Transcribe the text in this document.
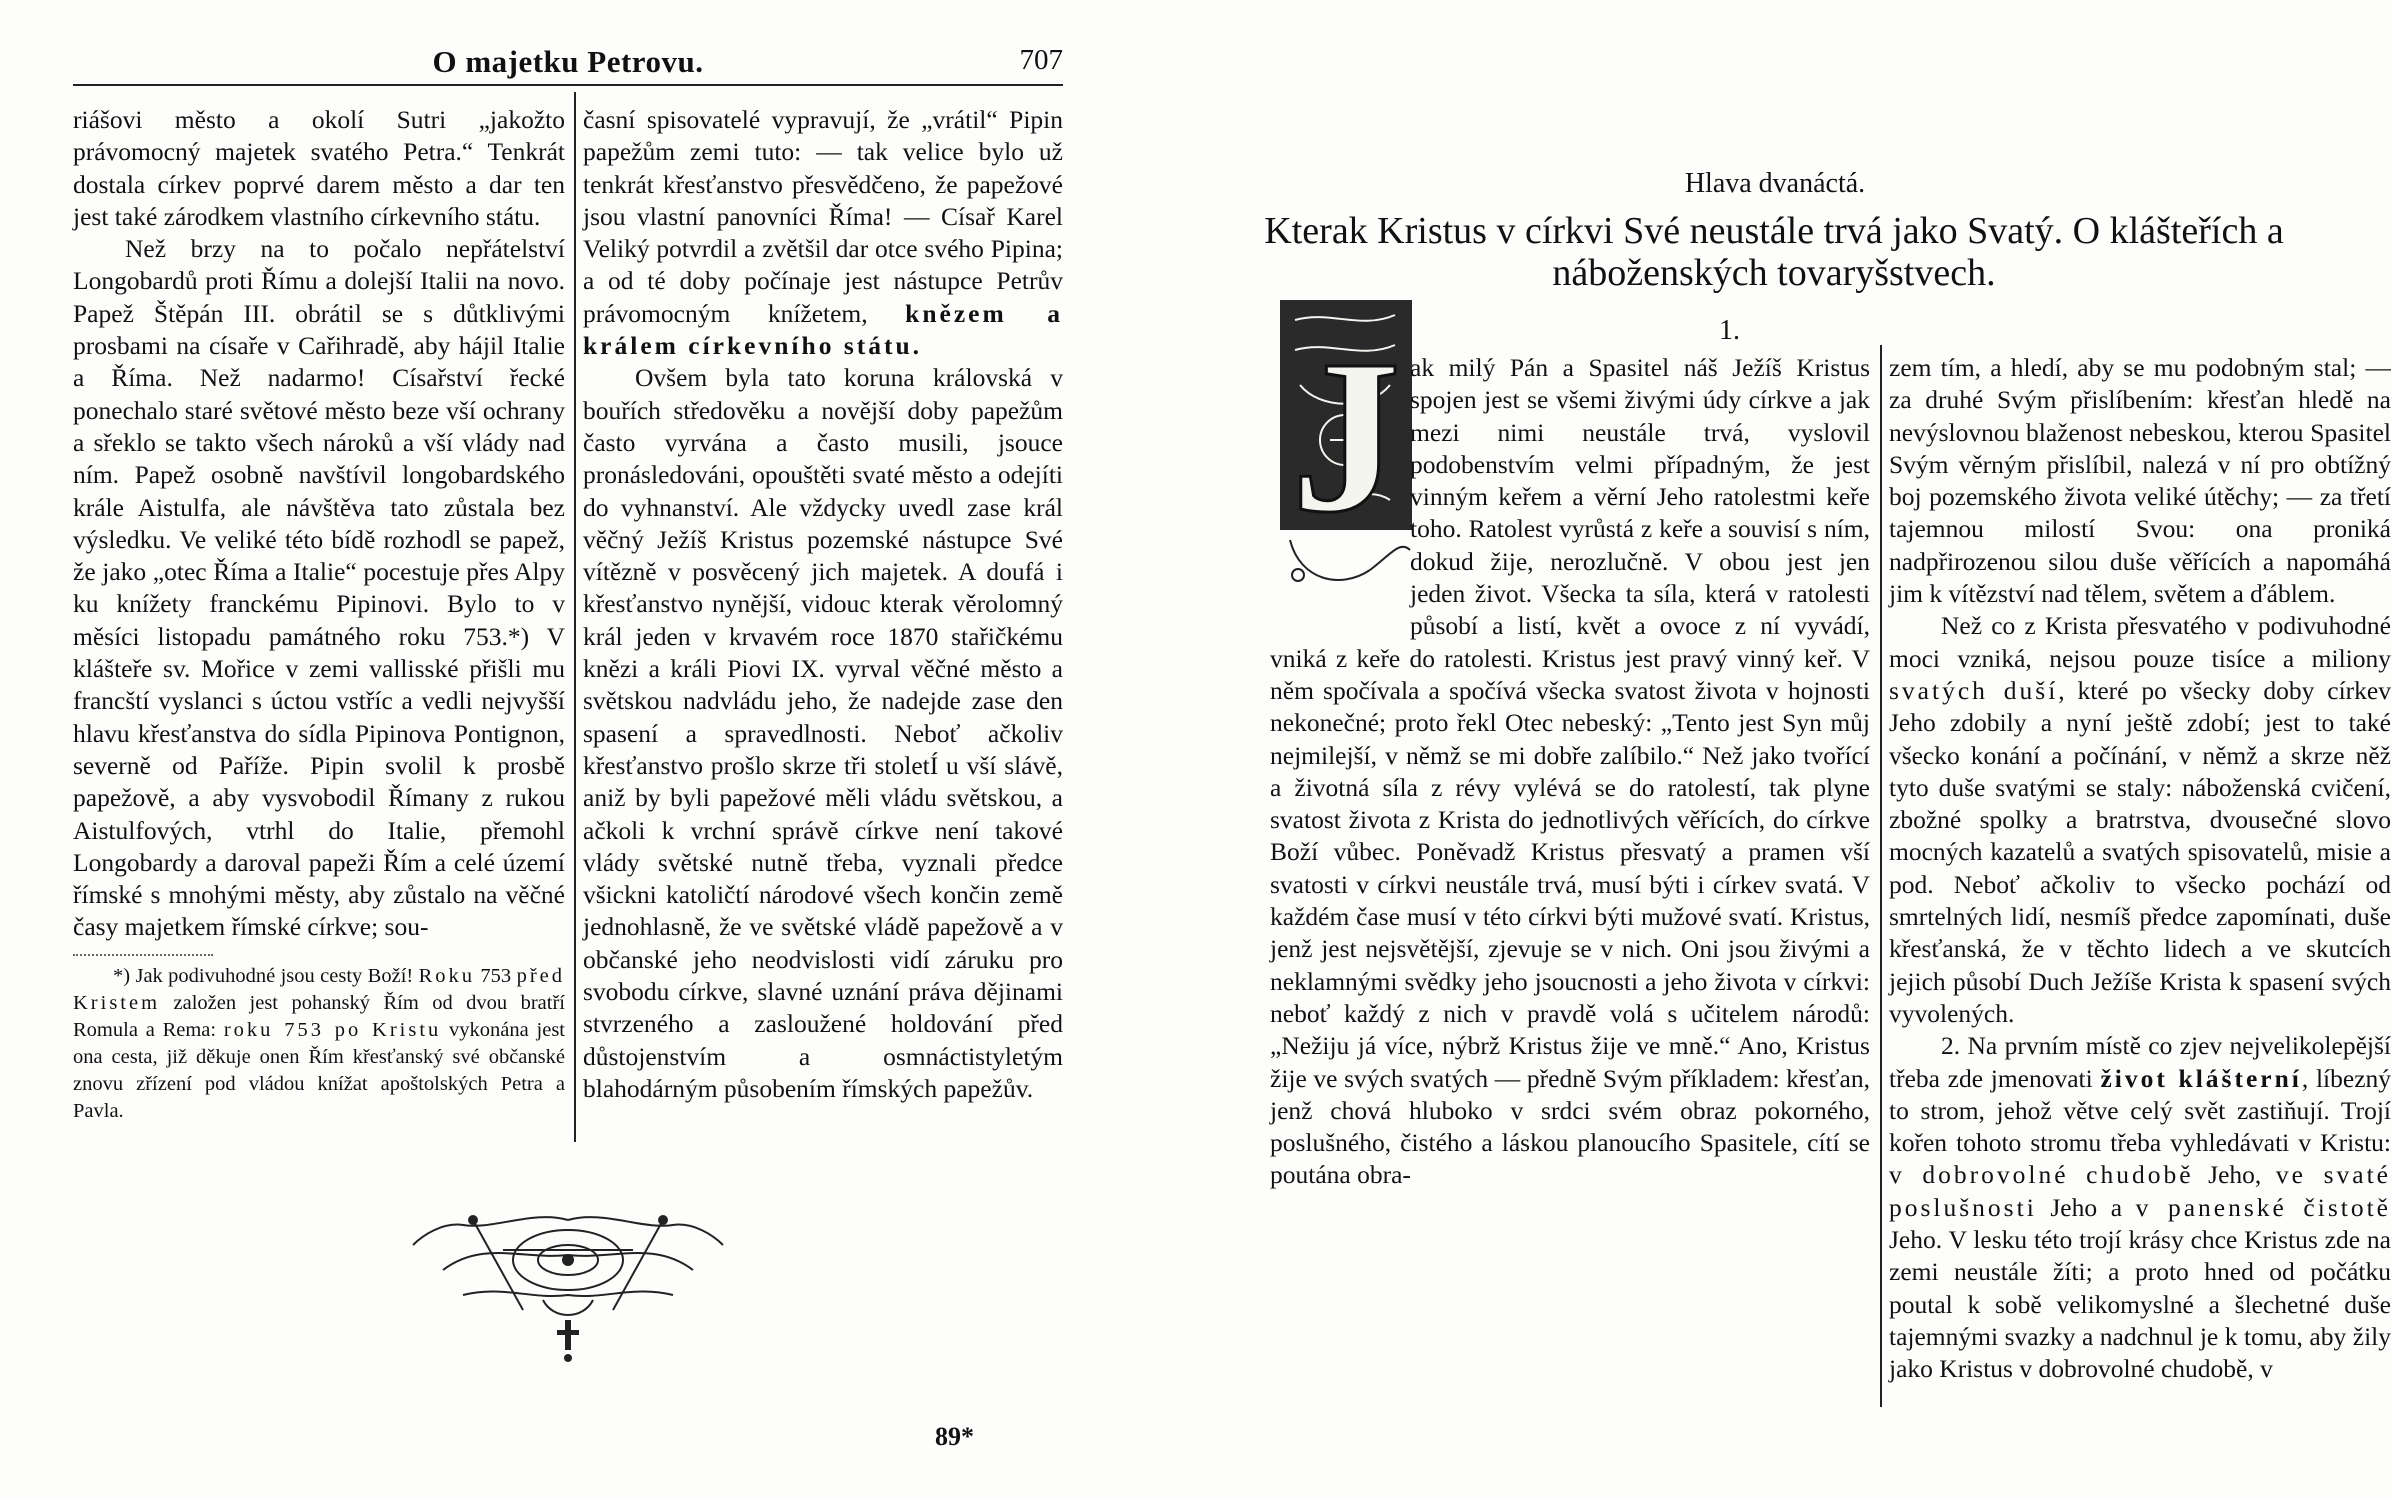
O majetku Petrovu.	707

riášovi město a okolí Sutri „jakožto právomocný majetek svatého Petra.“ Tenkrát dostala církev poprvé darem město a dar ten jest také zárodkem vlastního církevního státu.

Než brzy na to počalo nepřátelství Longobardů proti Římu a dolejší Italii na novo. Papež Štěpán III. obrátil se s důtklivými prosbami na císaře v Cařihradě, aby hájil Italie a Říma. Než nadarmo! Císařství řecké ponechalo staré světové město beze vší ochrany a sřeklo se takto všech nároků a vší vlády nad ním. Papež osobně navštívil longobardského krále Aistulfa, ale návštěva tato zůstala bez výsledku. Ve veliké této bídě rozhodl se papež, že jako „otec Říma a Italie“ pocestuje přes Alpy ku knížety franckému Pipinovi. Bylo to v měsíci listopadu památného roku 753.*) V klášteře sv. Mořice v zemi vallisské přišli mu francští vyslanci s úctou vstříc a vedli nejvyšší hlavu křesťanstva do sídla Pipinova Pontignon, severně od Paříže. Pipin svolil k prosbě papežově, a aby vysvobodil Římany z rukou Aistulfových, vtrhl do Italie, přemohl Longobardy a daroval papeži Řím a celé území římské s mnohými městy, aby zůstalo na věčné časy majetkem římské církve; sou-

*) Jak podivuhodné jsou cesty Boží! Roku 753 před Kristem založen jest pohanský Řím od dvou bratří Romula a Rema: roku 753 po Kristu vykonána jest ona cesta, již děkuje onen Řím křesťanský své občanské znovu zřízení pod vládou knížat apoštolských Petra a Pavla.

časní spisovatelé vypravují, že „vrátil“ Pipin papežům zemi tuto: — tak velice bylo už tenkrát křesťanstvo přesvědčeno, že papežové jsou vlastní panovníci Říma! — Císař Karel Veliký potvrdil a zvětšil dar otce svého Pipina; a od té doby počínaje jest nástupce Petrův právomocným knížetem, knězem a králem církevního státu.

Ovšem byla tato koruna královská v bouřích středověku a novější doby papežům často vyrvána a často musili, jsouce pronásledováni, opouštěti svaté město a odejíti do vyhnanství. Ale vždycky uvedl zase král věčný Ježíš Kristus pozemské nástupce Své vítězně v posvěcený jich majetek. A doufá i křesťanstvo nynější, vidouc kterak věrolomný král jeden v krvavém roce 1870 stařičkému knězi a králi Piovi IX. vyrval věčné město a světskou nadvládu jeho, že nadejde zase den spasení a spravedlnosti. Neboť ačkoliv křesťanstvo prošlo skrze tři stoletÍ u vší slávě, aniž by byli papežové měli vládu světskou, a ačkoli k vrchní správě církve není takové vlády světské nutně třeba, vyznali předce všickni katoličtí národové všech končin země jednohlasně, že ve světské vládě papežově a v občanské jeho neodvislosti vidí záruku pro svobodu církve, slavné uznání práva dějinami stvrzeného a zasloužené holdování před důstojenstvím a osmnáctistyletým blahodárným působením římských papežův.

89*
Hlava dvanáctá.
Kterak Kristus v církvi Své neustále trvá jako Svatý. O klášteřích a náboženských tovaryšstvech.
1.
J ak milý Pán a Spasitel náš Ježíš Kristus spojen jest se všemi živými údy církve a jak mezi nimi neustále trvá, vyslovil podobenstvím velmi případným, že jest vinným keřem a věrní Jeho ratolestmi keře toho. Ratolest vyrůstá z keře a souvisí s ním, dokud žije, nerozlučně. V obou jest jen jeden život. Všecka ta síla, která v ratolesti působí a listí, květ a ovoce z ní vyvádí, vniká z keře do ratolesti. Kristus jest pravý vinný keř. V něm spočívala a spočívá všecka svatost života v hojnosti nekonečné; proto řekl Otec nebeský: „Tento jest Syn můj nejmilejší, v němž se mi dobře zalíbilo.“ Než jako tvořící a životná síla z révy vylévá se do ratolestí, tak plyne svatost života z Krista do jednotlivých věřících, do církve Boží vůbec. Poněvadž Kristus přesvatý a pramen vší svatosti v církvi neustále trvá, musí býti i církev svatá. V každém čase musí v této církvi býti mužové svatí. Kristus, jenž jest nejsvětější, zjevuje se v nich. Oni jsou živými a neklamnými svědky jeho jsoucnosti a jeho života v církvi: neboť každý z nich v pravdě volá s učitelem národů: „Nežiju já více, nýbrž Kristus žije ve mně.“ Ano, Kristus žije ve svých svatých — předně Svým příkladem: křesťan, jenž chová hluboko v srdci svém obraz pokorného, poslušného, čistého a láskou planoucího Spasitele, cítí se poutána obra-

zem tím, a hledí, aby se mu podobným stal; — za druhé Svým přislíbením: křesťan hledě na nevýslovnou blaženost nebeskou, kterou Spasitel Svým věrným přislíbil, nalezá v ní pro obtížný boj pozemského života veliké útěchy; — za třetí tajemnou milostí Svou: ona proniká nadpřirozenou silou duše věřících a napomáhá jim k vítězství nad tělem, světem a ďáblem.

Než co z Krista přesvatého v podivuhodné moci vzniká, nejsou pouze tisíce a miliony svatých duší, které po všecky doby církev Jeho zdobily a nyní ještě zdobí; jest to také všecko konání a počínání, v němž a skrze něž tyto duše svatými se staly: náboženská cvičení, zbožné spolky a bratrstva, dvousečné slovo mocných kazatelů a svatých spisovatelů, misie a pod. Neboť ačkoliv to všecko pochází od smrtelných lidí, nesmíš předce zapomínati, duše křesťanská, že v těchto lidech a ve skutcích jejich působí Duch Ježíše Krista k spasení svých vyvolených.

2. Na prvním místě co zjev nejvelikolepější třeba zde jmenovati život klášterní, líbezný to strom, jehož větve celý svět zastiňují. Trojí kořen tohoto stromu třeba vyhledávati v Kristu: v dobrovolné chudobě Jeho, ve svaté poslušnosti Jeho a v panenské čistotě Jeho. V lesku této trojí krásy chce Kristus zde na zemi neustále žíti; a proto hned od počátku poutal k sobě velikomyslné a šlechetné duše tajemnými svazky a nadchnul je k tomu, aby žily jako Kristus v dobrovolné chudobě, v
